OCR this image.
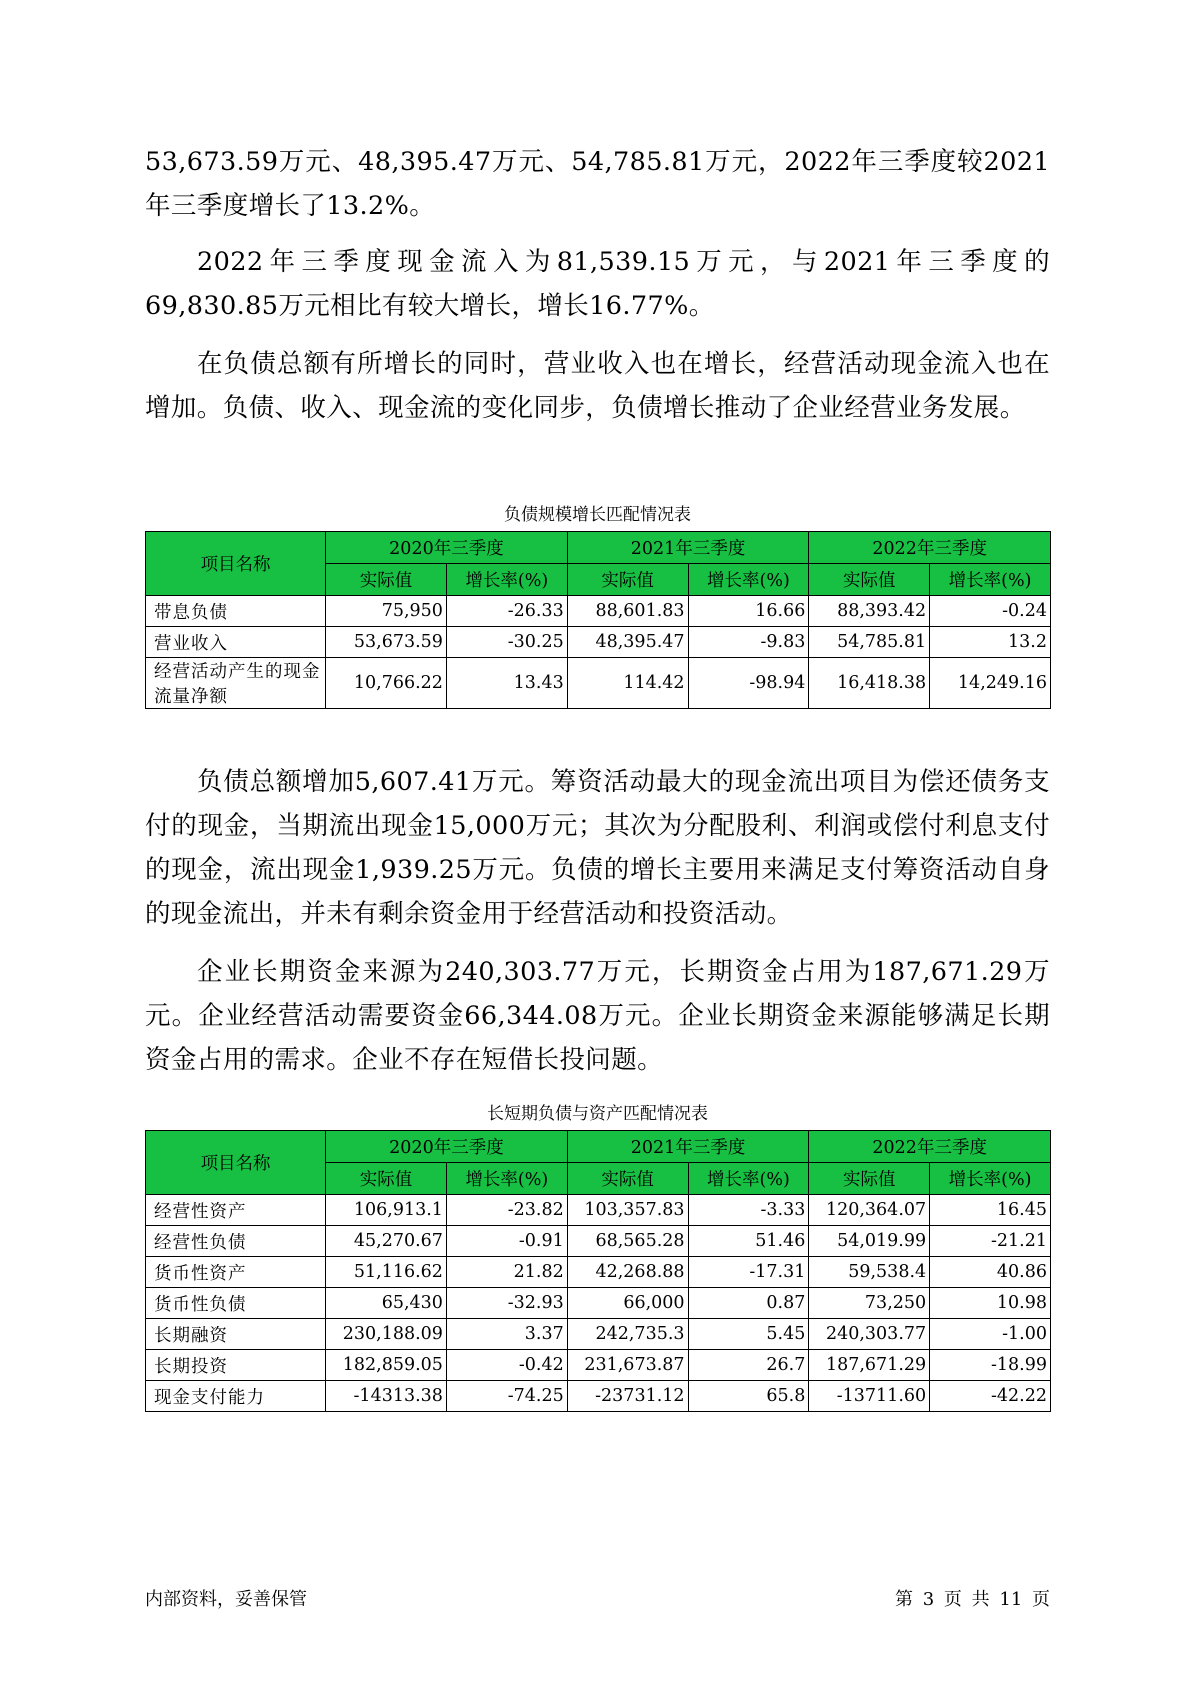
53,673.59万元、48,395.47万元、54,785.81万元，2022年三季度较2021年三季度增长了13.2%。

2022年三季度现金流入为81,539.15万元，与2021年三季度的69,830.85万元相比有较大增长，增长16.77%。

在负债总额有所增长的同时，营业收入也在增长，经营活动现金流入也在增加。负债、收入、现金流的变化同步，负债增长推动了企业经营业务发展。

负债规模增长匹配情况表
项目名称	2020年三季度		2021年三季度		2022年三季度	
	实际值	增长率(%)	实际值	增长率(%)	实际值	增长率(%)
带息负债	75,950	-26.33	88,601.83	16.66	88,393.42	-0.24
营业收入	53,673.59	-30.25	48,395.47	-9.83	54,785.81	13.2
经营活动产生的现金流量净额	10,766.22	13.43	114.42	-98.94	16,418.38	14,249.16

负债总额增加5,607.41万元。筹资活动最大的现金流出项目为偿还债务支付的现金，当期流出现金15,000万元；其次为分配股利、利润或偿付利息支付的现金，流出现金1,939.25万元。负债的增长主要用来满足支付筹资活动自身的现金流出，并未有剩余资金用于经营活动和投资活动。

企业长期资金来源为240,303.77万元，长期资金占用为187,671.29万元。企业经营活动需要资金66,344.08万元。企业长期资金来源能够满足长期资金占用的需求。企业不存在短借长投问题。

长短期负债与资产匹配情况表
项目名称	2020年三季度		2021年三季度		2022年三季度	
	实际值	增长率(%)	实际值	增长率(%)	实际值	增长率(%)
经营性资产	106,913.1	-23.82	103,357.83	-3.33	120,364.07	16.45
经营性负债	45,270.67	-0.91	68,565.28	51.46	54,019.99	-21.21
货币性资产	51,116.62	21.82	42,268.88	-17.31	59,538.4	40.86
货币性负债	65,430	-32.93	66,000	0.87	73,250	10.98
长期融资	230,188.09	3.37	242,735.3	5.45	240,303.77	-1.00
长期投资	182,859.05	-0.42	231,673.87	26.7	187,671.29	-18.99
现金支付能力	-14313.38	-74.25	-23731.12	65.8	-13711.60	-42.22
内部资料，妥善保管	第 3 页 共 11 页
